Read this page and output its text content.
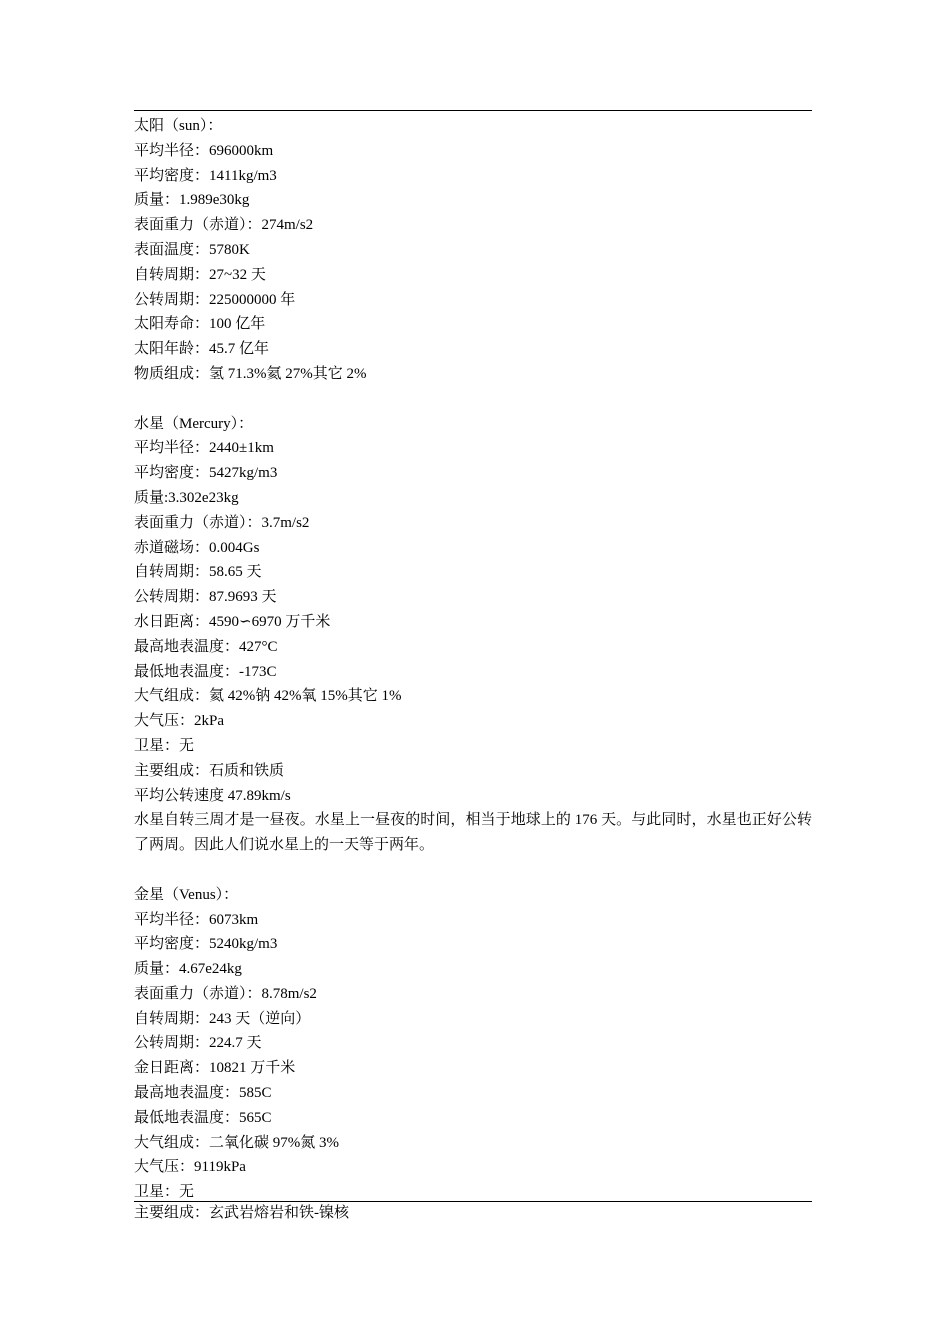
太阳（sun）：
平均半径：696000km
平均密度：1411kg/m3
质量：1.989e30kg
表面重力（赤道）：274m/s2
表面温度：5780K
自转周期：27~32 天
公转周期：225000000 年
太阳寿命：100 亿年
太阳年龄：45.7 亿年
物质组成：氢 71.3%氦 27%其它 2%
水星（Mercury）：
平均半径：2440±1km
平均密度：5427kg/m3
质量:3.302e23kg
表面重力（赤道）：3.7m/s2
赤道磁场：0.004Gs
自转周期：58.65 天
公转周期：87.9693 天
水日距离：4590∽6970 万千米
最高地表温度：427°C
最低地表温度：-173C
大气组成：氦 42%钠 42%氧 15%其它 1%
大气压：2kPa
卫星：无
主要组成：石质和铁质
平均公转速度 47.89km/s
水星自转三周才是一昼夜。水星上一昼夜的时间，相当于地球上的 176 天。与此同时，水星也正好公转了两周。因此人们说水星上的一天等于两年。
金星（Venus）：
平均半径：6073km
平均密度：5240kg/m3
质量：4.67e24kg
表面重力（赤道）：8.78m/s2
自转周期：243 天（逆向）
公转周期：224.7 天
金日距离：10821 万千米
最高地表温度：585C
最低地表温度：565C
大气组成：二氧化碳 97%氮 3%
大气压：9119kPa
卫星：无
主要组成：玄武岩熔岩和铁-镍核
